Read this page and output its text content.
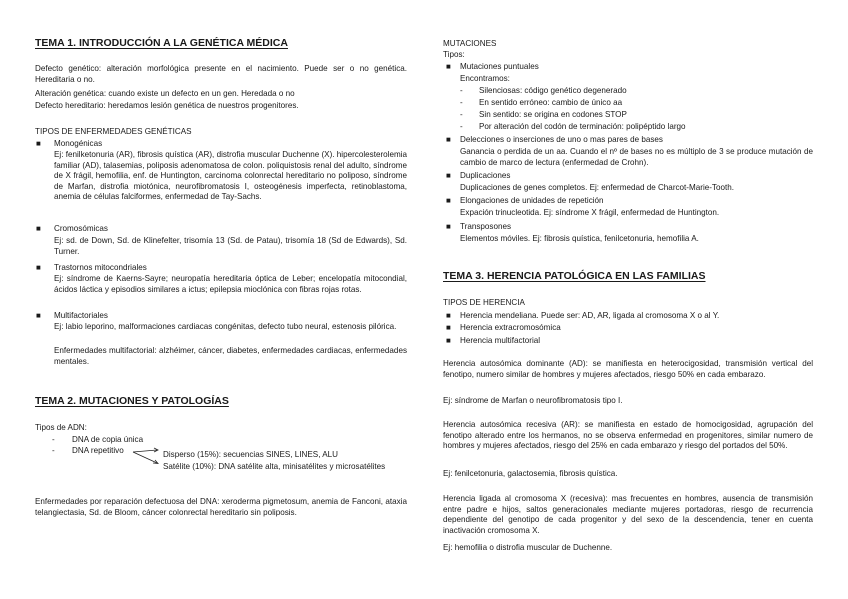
TEMA 1. INTRODUCCIÓN A LA GENÉTICA MÉDICA
Defecto genético: alteración morfológica presente en el nacimiento. Puede ser o no genética. Hereditaria o no.
Alteración genética: cuando existe un defecto en un gen. Heredada o no
Defecto hereditario: heredamos lesión genética de nuestros progenitores.
TIPOS DE ENFERMEDADES GENÉTICAS
■ Monogénicas
Ej: fenilketonuria (AR), fibrosis quística (AR), distrofia muscular Duchenne (X). hipercolesterolemia familiar (AD), talasemias, poliposis adenomatosa de colon. poliquistosis renal del adulto, síndrome de X frágil, hemofilia, enf. de Huntington, carcinoma colonrectal hereditario no poliposo, síndrome de Marfan, distrofia miotónica, neurofibromatosis I, osteogénesis imperfecta, retinoblastoma, anemia de células falciformes, enfermedad de Tay-Sachs.
■ Cromosómicas
Ej: sd. de Down, Sd. de Klinefelter, trisomía 13 (Sd. de Patau), trisomía 18 (Sd de Edwards), Sd. Turner.
■ Trastornos mitocondriales
Ej: síndrome de Kaerns-Sayre; neuropatía hereditaria óptica de Leber; encelopatía mitocondial, ácidos láctica y episodios similares a ictus; epilepsia mioclónica con fibras rojas rotas.
■ Multifactoriales
Ej: labio leporino, malformaciones cardiacas congénitas, defecto tubo neural, estenosis pilórica.
Enfermedades multifactorial: alzhéimer, cáncer, diabetes, enfermedades cardiacas, enfermedades mentales.
TEMA 2. MUTACIONES Y PATOLOGÍAS
Tipos de ADN:
- DNA de copia única
- DNA repetitivo	Disperso (15%): secuencias SINES, LINES, ALU
Satélite (10%): DNA satélite alta, minisatélites y microsatélites
Enfermedades por reparación defectuosa del DNA: xeroderma pigmetosum, anemia de Fanconi, ataxia telangiectasia, Sd. de Bloom, cáncer colonrectal hereditario sin poliposis.
MUTACIONES
Tipos:
■ Mutaciones puntuales
Encontramos:
- Silenciosas: código genético degenerado
- En sentido erróneo: cambio de único aa
- Sin sentido: se origina en codones STOP
- Por alteración del codón de terminación: polipéptido largo
■ Delecciones o inserciones de uno o mas pares de bases
Ganancia o perdida de un aa. Cuando el nº de bases no es múltiplo de 3 se produce mutación de cambio de marco de lectura (enfermedad de Crohn).
■ Duplicaciones
Duplicaciones de genes completos. Ej: enfermedad de Charcot-Marie-Tooth.
■ Elongaciones de unidades de repetición
Expación trinucleotida. Ej: síndrome X frágil, enfermedad de Huntington.
■ Transposones
Elementos móviles. Ej: fibrosis quística, fenilcetonuria, hemofilia A.
TEMA 3. HERENCIA PATOLÓGICA EN LAS FAMILIAS
TIPOS DE HERENCIA
■ Herencia mendeliana. Puede ser: AD, AR, ligada al cromosoma X o al Y.
■ Herencia extracromosómica
■ Herencia multifactorial
Herencia autosómica dominante (AD): se manifiesta en heterocigosidad, transmisión vertical del fenotipo, numero similar de hombres y mujeres afectados, riesgo 50% en cada embarazo.
Ej: síndrome de Marfan o neurofibromatosis tipo I.
Herencia autosómica recesiva (AR): se manifiesta en estado de homocigosidad, agrupación del fenotipo alterado entre los hermanos, no se observa enfermedad en progenitores, similar numero de hombres y mujeres afectados, riesgo del 25% en cada embarazo y riesgo del portados del 50%.
Ej: fenilcetonuria, galactosemia, fibrosis quística.
Herencia ligada al cromosoma X (recesiva): mas frecuentes en hombres, ausencia de transmisión entre padre e hijos, saltos generacionales mediante mujeres portadoras, riesgo de recurrencia dependiente del genotipo de cada progenitor y del sexo de la descendencia, tener en cuenta inactivación cromosoma X.
Ej: hemofilia o distrofia muscular de Duchenne.
